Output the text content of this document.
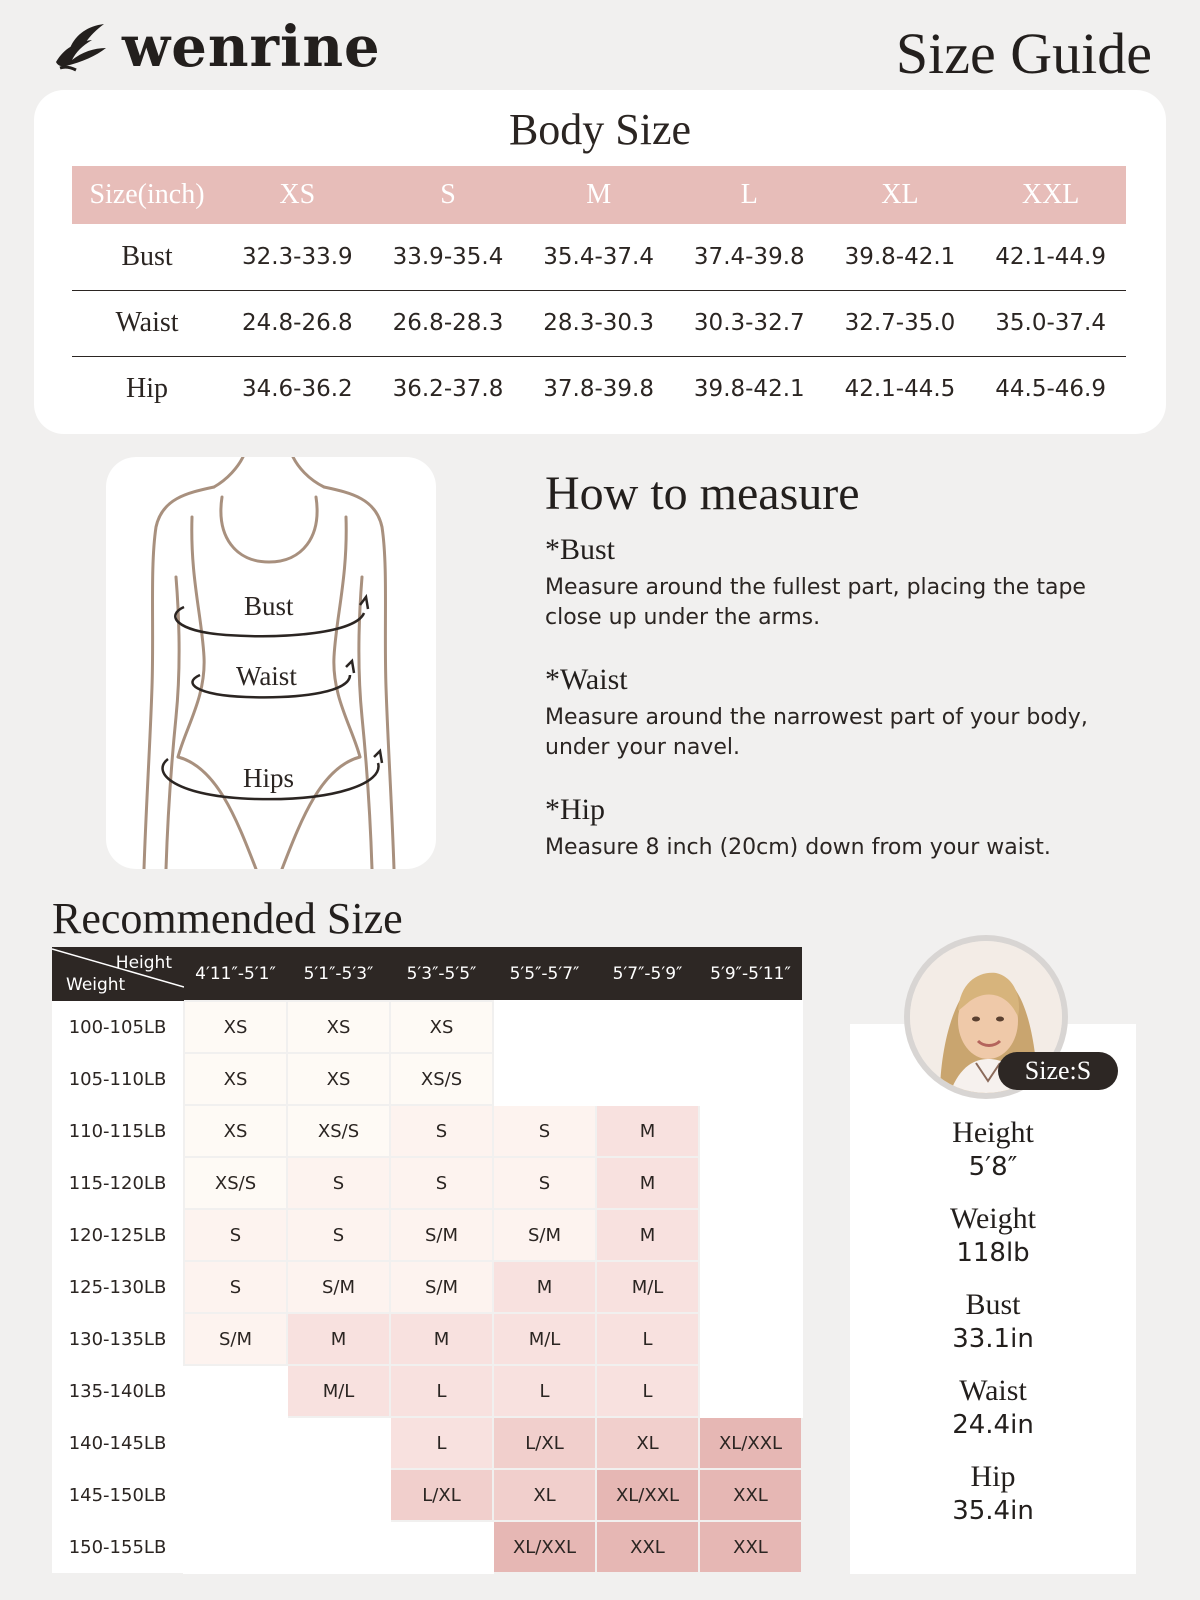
wenrine	Size Guide
Body Size
Size(inch)	XS	S	M	L	XL	XXL
Bust	32.3-33.9	33.9-35.4	35.4-37.4	37.4-39.8	39.8-42.1	42.1-44.9
Waist	24.8-26.8	26.8-28.3	28.3-30.3	30.3-32.7	32.7-35.0	35.0-37.4
Hip	34.6-36.2	36.2-37.8	37.8-39.8	39.8-42.1	42.1-44.5	44.5-46.9
Bust
Waist
Hips
How to measure
*Bust
Measure around the fullest part, placing the tape close up under the arms.
*Waist
Measure around the narrowest part of your body, under your navel.
*Hip
Measure 8 inch (20cm) down from your waist.
Recommended Size
Height
Weight	4′11″-5′1″	5′1″-5′3″	5′3″-5′5″	5′5″-5′7″	5′7″-5′9″	5′9″-5′11″
100-105LB	XS	XS	XS			
105-110LB	XS	XS	XS/S			
110-115LB	XS	XS/S	S	S	M	
115-120LB	XS/S	S	S	S	M	
120-125LB	S	S	S/M	S/M	M	
125-130LB	S	S/M	S/M	M	M/L	
130-135LB	S/M	M	M	M/L	L	
135-140LB		M/L	L	L	L	
140-145LB			L	L/XL	XL	XL/XXL
145-150LB			L/XL	XL	XL/XXL	XXL
150-155LB				XL/XXL	XXL	XXL
Size:S
Height
5′8″
Weight
118lb
Bust
33.1in
Waist
24.4in
Hip
35.4in
